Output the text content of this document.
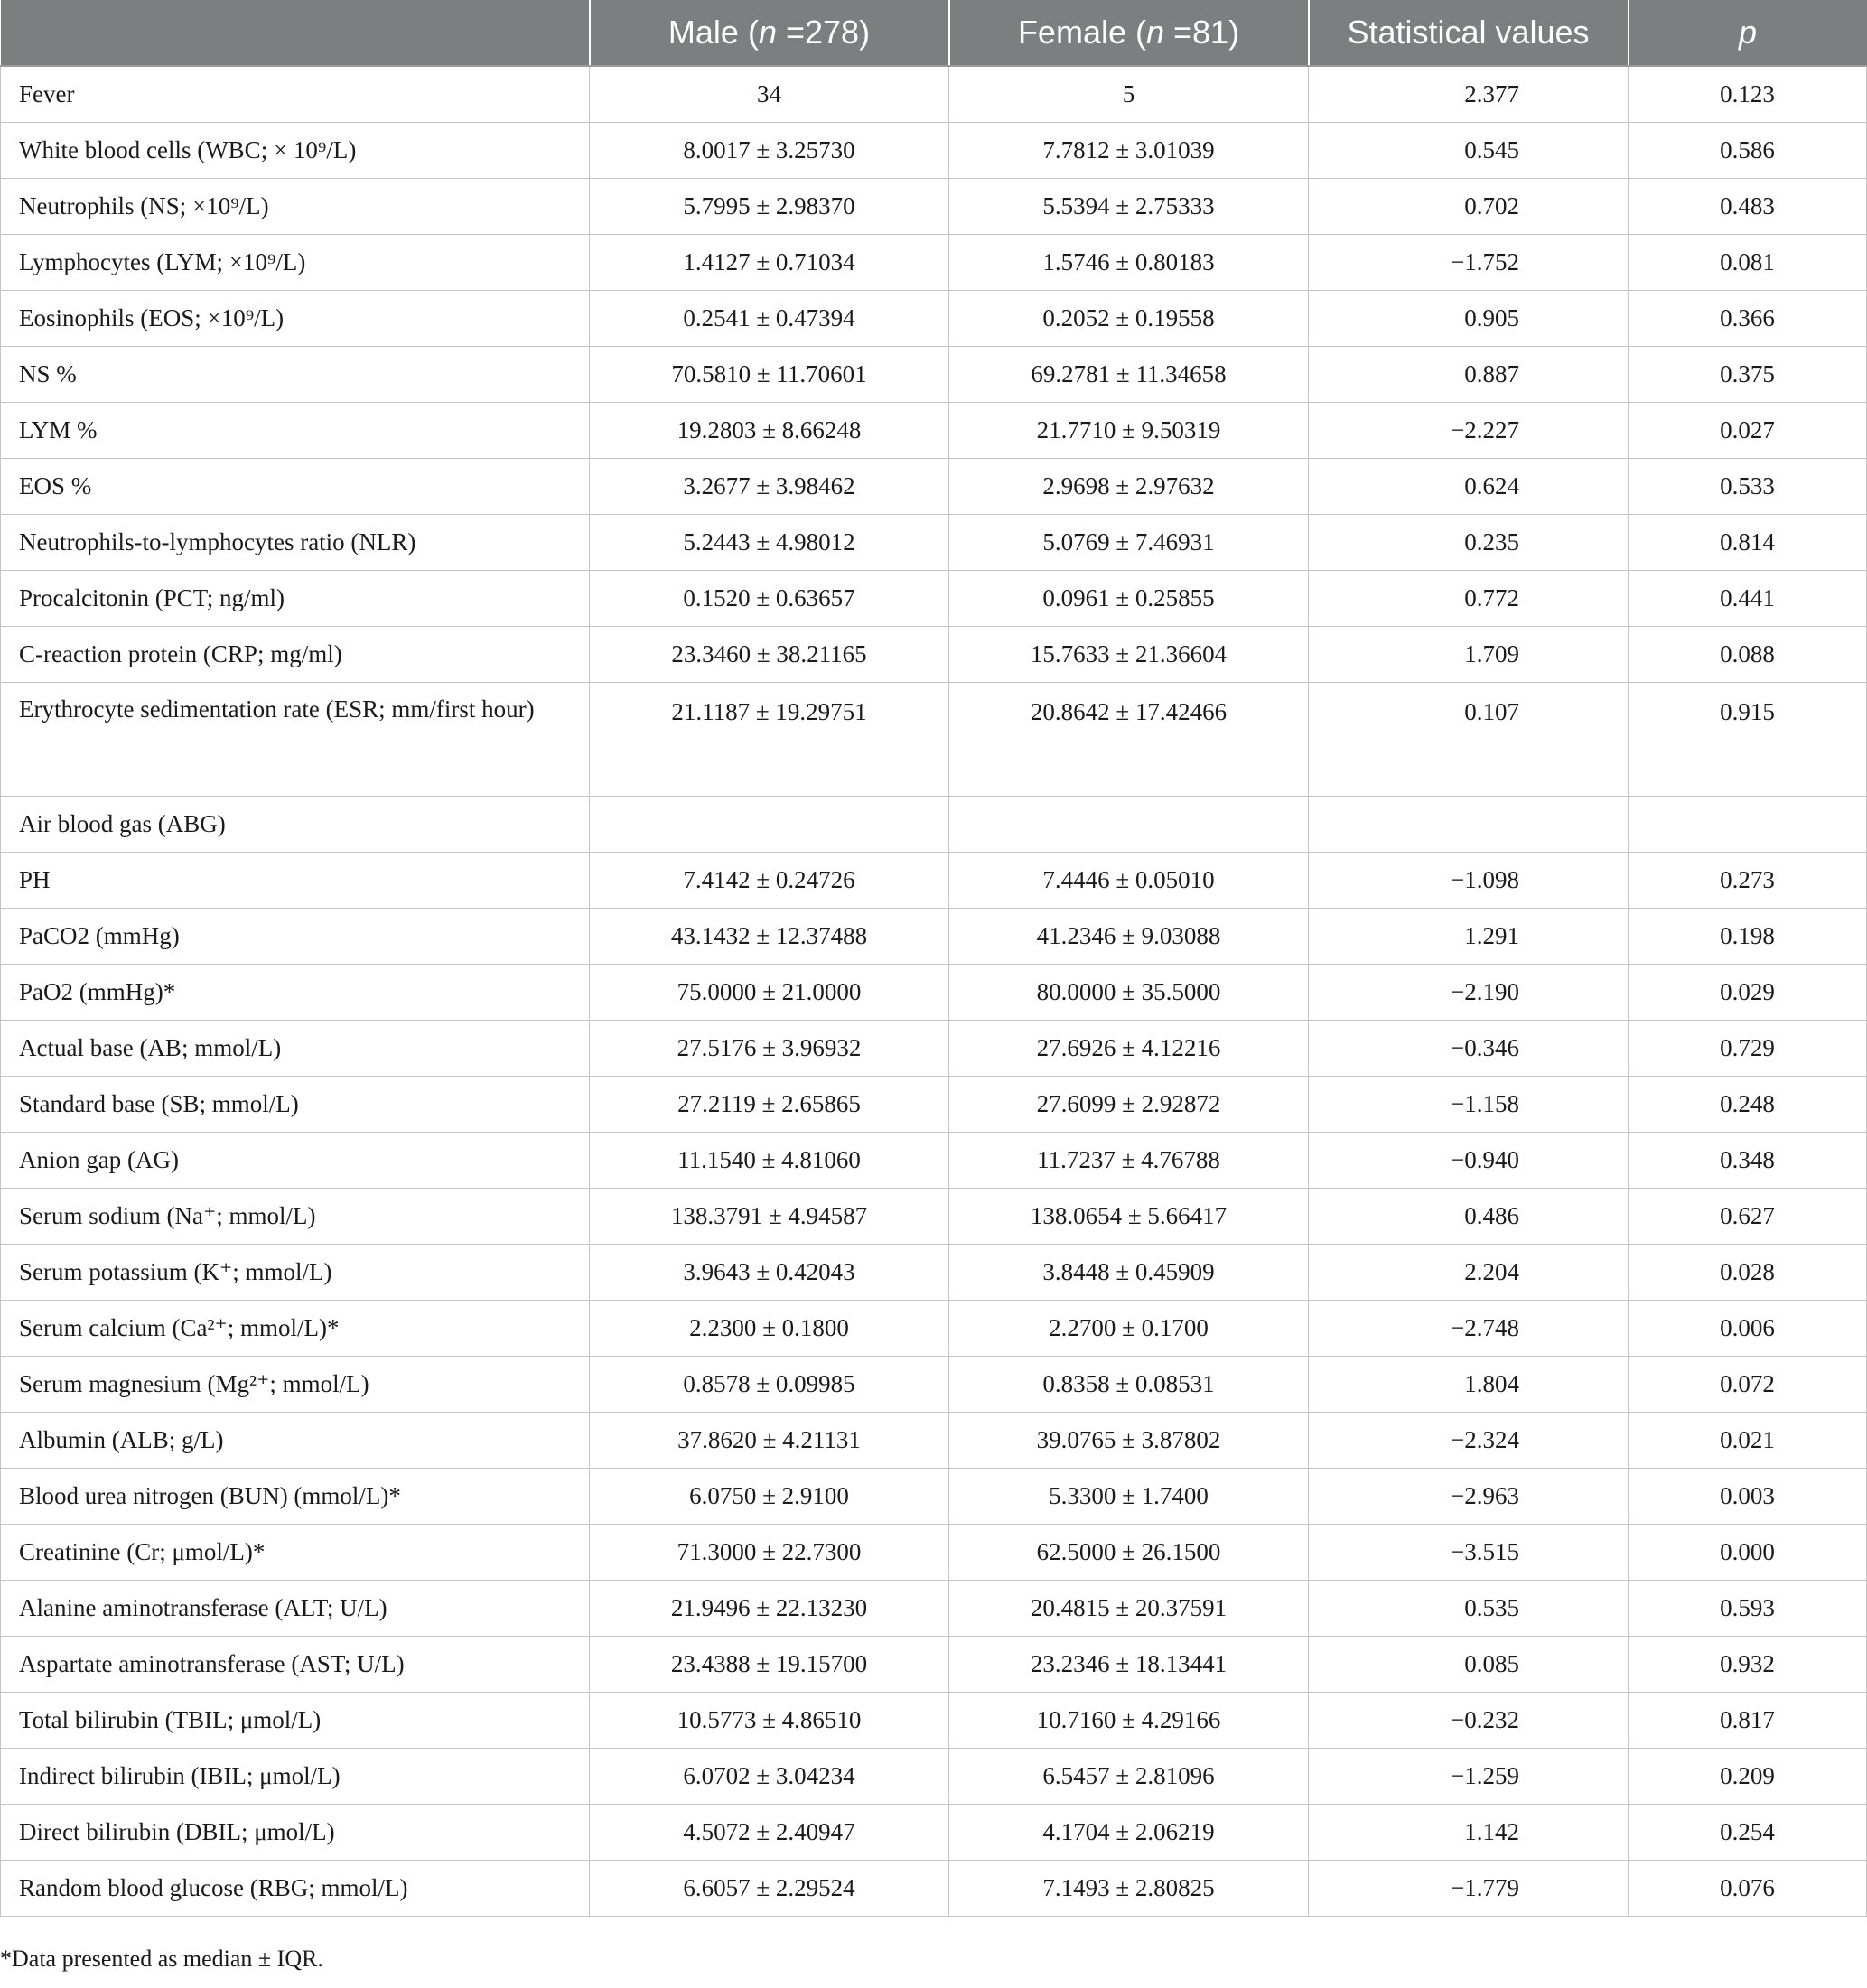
	Male (n =278)	Female (n =81)	Statistical values	p
Fever	34	5	2.377	0.123
White blood cells (WBC; × 10⁹/L)	8.0017 ± 3.25730	7.7812 ± 3.01039	0.545	0.586
Neutrophils (NS; ×10⁹/L)	5.7995 ± 2.98370	5.5394 ± 2.75333	0.702	0.483
Lymphocytes (LYM; ×10⁹/L)	1.4127 ± 0.71034	1.5746 ± 0.80183	−1.752	0.081
Eosinophils (EOS; ×10⁹/L)	0.2541 ± 0.47394	0.2052 ± 0.19558	0.905	0.366
NS %	70.5810 ± 11.70601	69.2781 ± 11.34658	0.887	0.375
LYM %	19.2803 ± 8.66248	21.7710 ± 9.50319	−2.227	0.027
EOS %	3.2677 ± 3.98462	2.9698 ± 2.97632	0.624	0.533
Neutrophils-to-lymphocytes ratio (NLR)	5.2443 ± 4.98012	5.0769 ± 7.46931	0.235	0.814
Procalcitonin (PCT; ng/ml)	0.1520 ± 0.63657	0.0961 ± 0.25855	0.772	0.441
C-reaction protein (CRP; mg/ml)	23.3460 ± 38.21165	15.7633 ± 21.36604	1.709	0.088
Erythrocyte sedimentation rate (ESR; mm/first hour)	21.1187 ± 19.29751	20.8642 ± 17.42466	0.107	0.915
Air blood gas (ABG)				
PH	7.4142 ± 0.24726	7.4446 ± 0.05010	−1.098	0.273
PaCO2 (mmHg)	43.1432 ± 12.37488	41.2346 ± 9.03088	1.291	0.198
PaO2 (mmHg)*	75.0000 ± 21.0000	80.0000 ± 35.5000	−2.190	0.029
Actual base (AB; mmol/L)	27.5176 ± 3.96932	27.6926 ± 4.12216	−0.346	0.729
Standard base (SB; mmol/L)	27.2119 ± 2.65865	27.6099 ± 2.92872	−1.158	0.248
Anion gap (AG)	11.1540 ± 4.81060	11.7237 ± 4.76788	−0.940	0.348
Serum sodium (Na⁺; mmol/L)	138.3791 ± 4.94587	138.0654 ± 5.66417	0.486	0.627
Serum potassium (K⁺; mmol/L)	3.9643 ± 0.42043	3.8448 ± 0.45909	2.204	0.028
Serum calcium (Ca²⁺; mmol/L)*	2.2300 ± 0.1800	2.2700 ± 0.1700	−2.748	0.006
Serum magnesium (Mg²⁺; mmol/L)	0.8578 ± 0.09985	0.8358 ± 0.08531	1.804	0.072
Albumin (ALB; g/L)	37.8620 ± 4.21131	39.0765 ± 3.87802	−2.324	0.021
Blood urea nitrogen (BUN) (mmol/L)*	6.0750 ± 2.9100	5.3300 ± 1.7400	−2.963	0.003
Creatinine (Cr; μmol/L)*	71.3000 ± 22.7300	62.5000 ± 26.1500	−3.515	0.000
Alanine aminotransferase (ALT; U/L)	21.9496 ± 22.13230	20.4815 ± 20.37591	0.535	0.593
Aspartate aminotransferase (AST; U/L)	23.4388 ± 19.15700	23.2346 ± 18.13441	0.085	0.932
Total bilirubin (TBIL; μmol/L)	10.5773 ± 4.86510	10.7160 ± 4.29166	−0.232	0.817
Indirect bilirubin (IBIL; μmol/L)	6.0702 ± 3.04234	6.5457 ± 2.81096	−1.259	0.209
Direct bilirubin (DBIL; μmol/L)	4.5072 ± 2.40947	4.1704 ± 2.06219	1.142	0.254
Random blood glucose (RBG; mmol/L)	6.6057 ± 2.29524	7.1493 ± 2.80825	−1.779	0.076
*Data presented as median ± IQR.
